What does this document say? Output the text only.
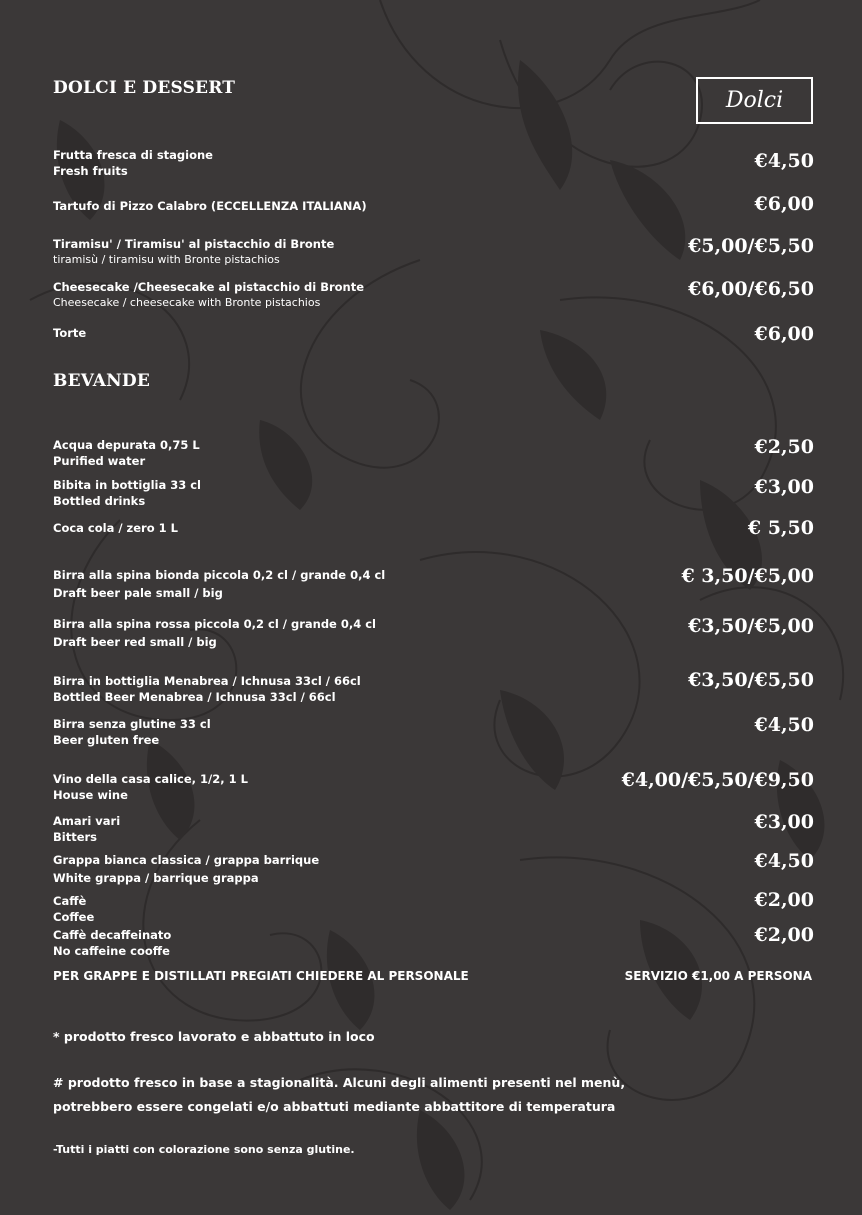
DOLCI E DESSERT	Dolci
Frutta fresca di stagione
Fresh fruits	€4,50
Tartufo di Pizzo Calabro (ECCELLENZA ITALIANA)	€6,00
Tiramisu' / Tiramisu' al pistacchio di Bronte
tiramisù / tiramisu with Bronte pistachios
€5,00/€5,50
Cheesecake /Cheesecake al pistacchio di Bronte
Cheesecake / cheesecake with Bronte pistachios
€6,00/€6,50
Torte	€6,00
BEVANDE
Acqua depurata 0,75 L
Purified water
€2,50
Bibita in bottiglia 33 cl
Bottled drinks
€3,00
Coca cola / zero 1 L	€ 5,50
Birra alla spina bionda piccola 0,2 cl / grande 0,4 cl
Draft beer pale small / big
€ 3,50/€5,00
Birra alla spina rossa piccola 0,2 cl / grande 0,4 cl
Draft beer red small / big
€3,50/€5,00
Birra in bottiglia Menabrea / Ichnusa 33cl / 66cl
Bottled Beer Menabrea / Ichnusa 33cl / 66cl
€3,50/€5,50
Birra senza glutine 33 cl
Beer gluten free
€4,50
Vino della casa calice, 1/2, 1 L
House wine
€4,00/€5,50/€9,50
Amari vari
Bitters
€3,00
Grappa bianca classica / grappa barrique
White grappa / barrique grappa
€4,50
Caffè
Coffee
€2,00
Caffè decaffeinato
No caffeine cooffe
€2,00
PER GRAPPE E DISTILLATI PREGIATI CHIEDERE AL PERSONALE	SERVIZIO €1,00 A PERSONA
* prodotto fresco lavorato e abbattuto in loco
# prodotto fresco in base a stagionalità. Alcuni degli alimenti presenti nel menù,
potrebbero essere congelati e/o abbattuti mediante abbattitore di temperatura
-Tutti i piatti con colorazione sono senza glutine.
